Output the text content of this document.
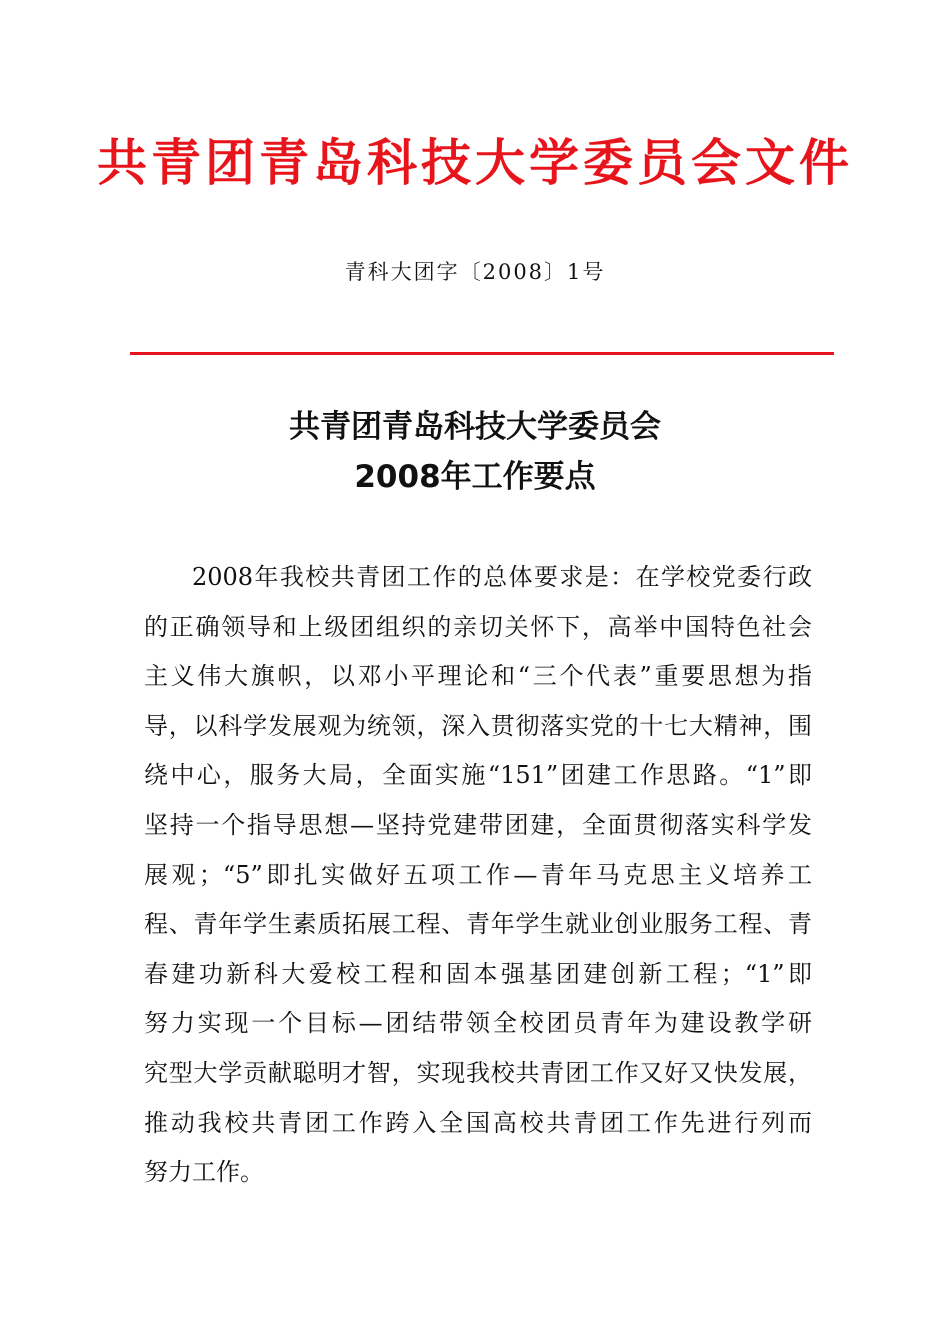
共青团青岛科技大学委员会文件
青科大团字〔2008〕1号
共青团青岛科技大学委员会
2008年工作要点
2008年我校共青团工作的总体要求是：在学校党委行政
的正确领导和上级团组织的亲切关怀下，高举中国特色社会
主义伟大旗帜，以邓小平理论和“三个代表”重要思想为指
导，以科学发展观为统领，深入贯彻落实党的十七大精神，围
绕中心，服务大局，全面实施“151”团建工作思路。“1”即
坚持一个指导思想—坚持党建带团建，全面贯彻落实科学发
展观；“5”即扎实做好五项工作—青年马克思主义培养工
程、青年学生素质拓展工程、青年学生就业创业服务工程、青
春建功新科大爱校工程和固本强基团建创新工程；“1”即
努力实现一个目标—团结带领全校团员青年为建设教学研
究型大学贡献聪明才智，实现我校共青团工作又好又快发展，
推动我校共青团工作跨入全国高校共青团工作先进行列而
努力工作。
